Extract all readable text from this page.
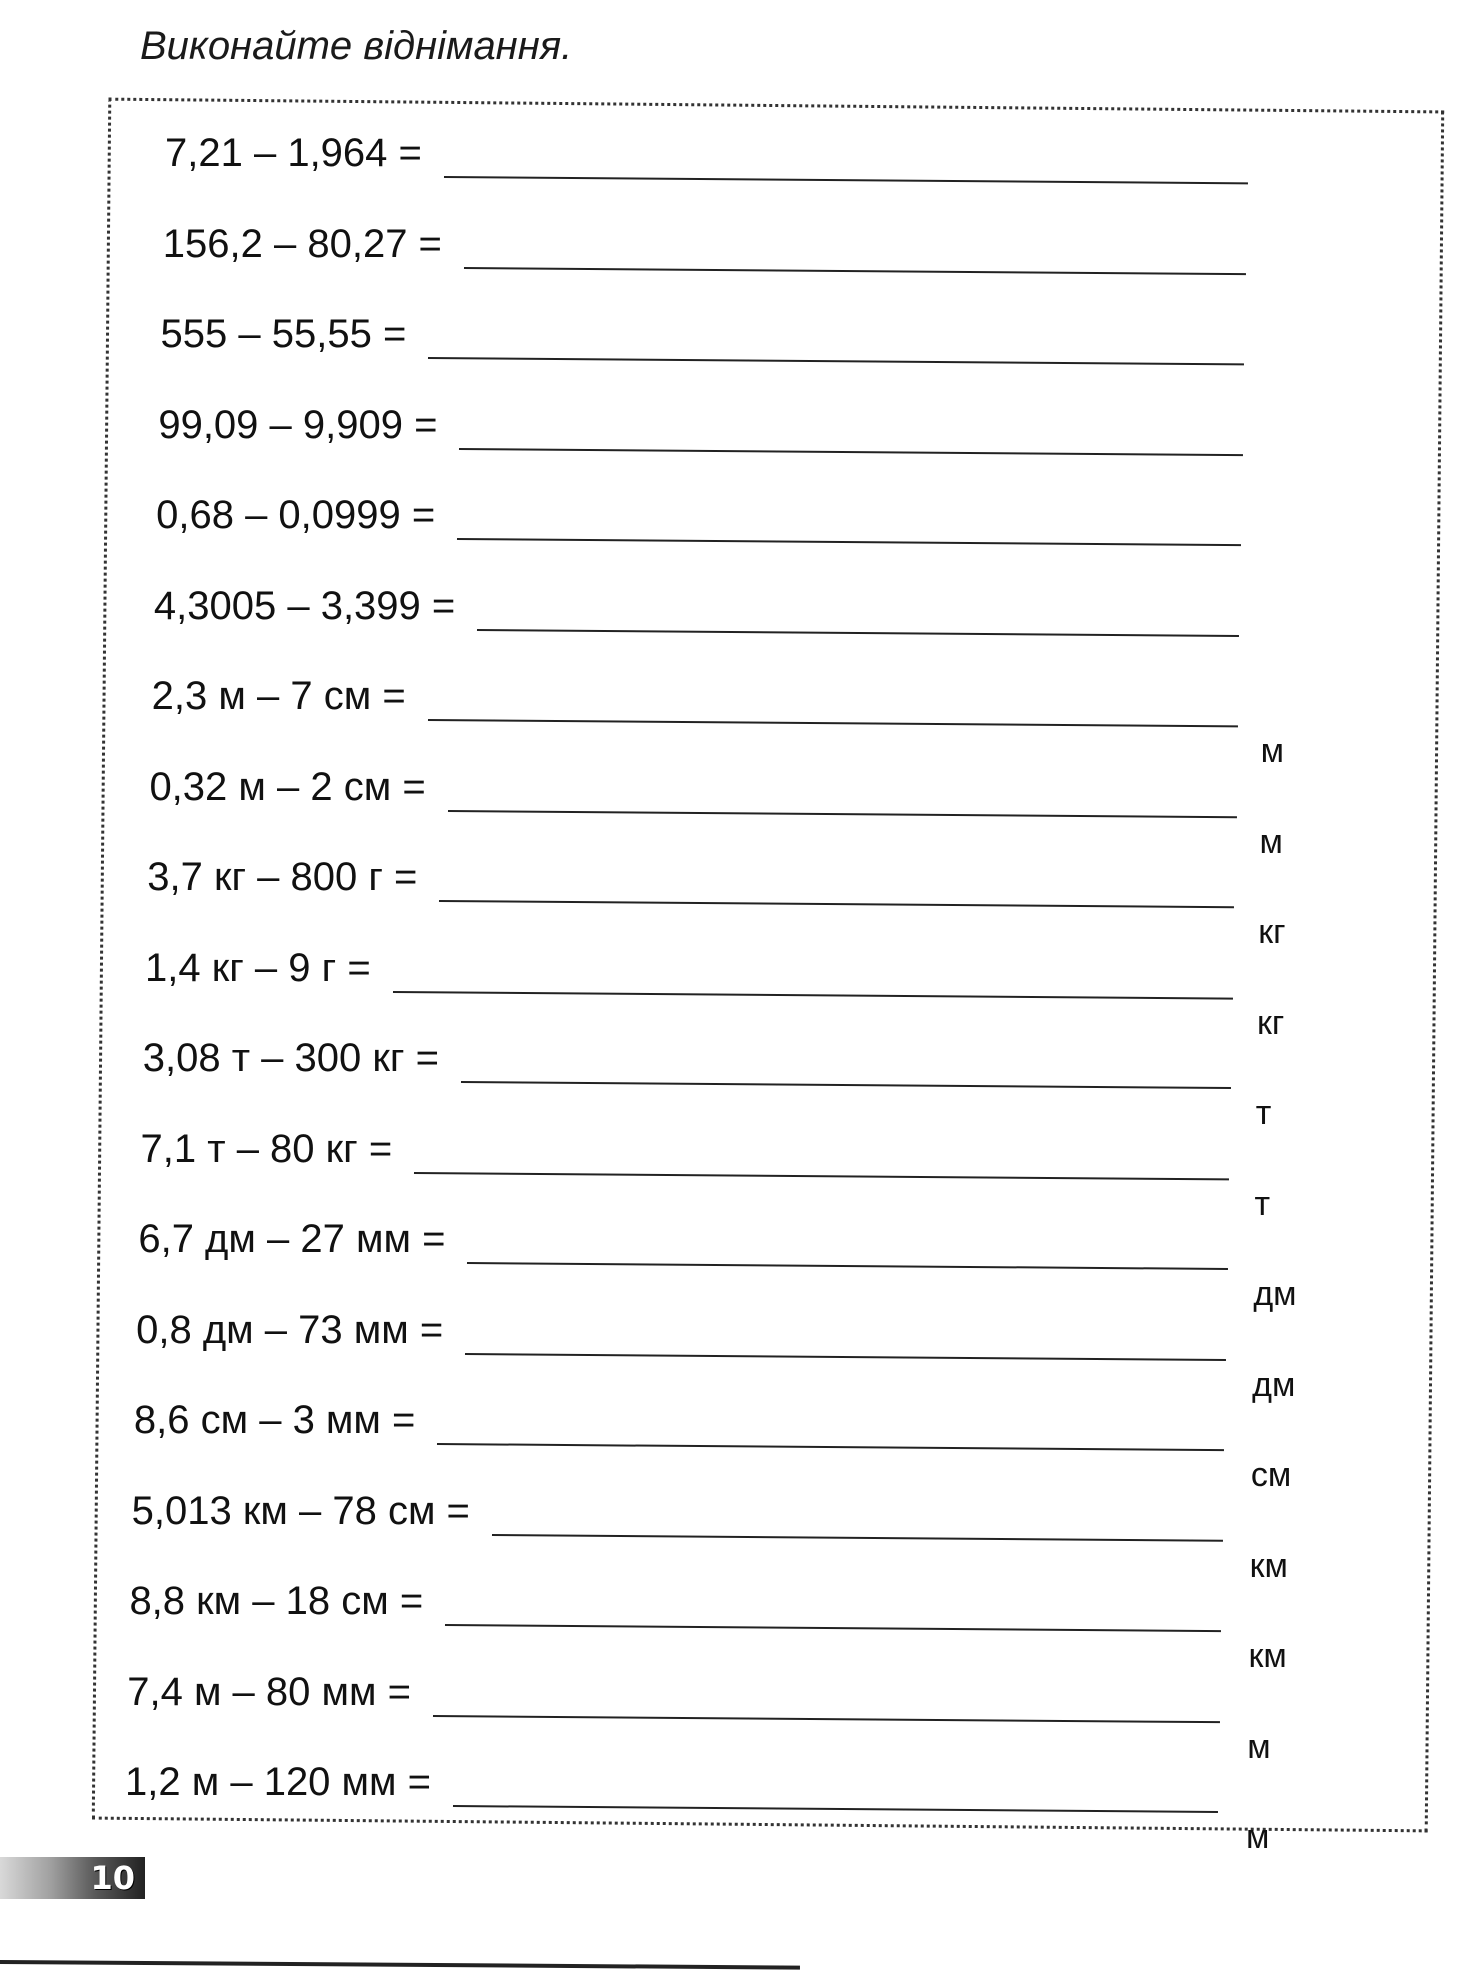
Виконайте віднімання.
7,21 – 1,964 =
156,2 – 80,27 =
555 – 55,55 =
99,09 – 9,909 =
0,68 – 0,0999 =
4,3005 – 3,399 =
2,3 м – 7 см =
м
0,32 м – 2 см =
м
3,7 кг – 800 г =
кг
1,4 кг – 9 г =
кг
3,08 т – 300 кг =
т
7,1 т – 80 кг =
т
6,7 дм – 27 мм =
дм
0,8 дм – 73 мм =
дм
8,6 см – 3 мм =
см
5,013 км – 78 см =
км
8,8 км – 18 см =
км
7,4 м – 80 мм =
м
1,2 м – 120 мм =
м
10
